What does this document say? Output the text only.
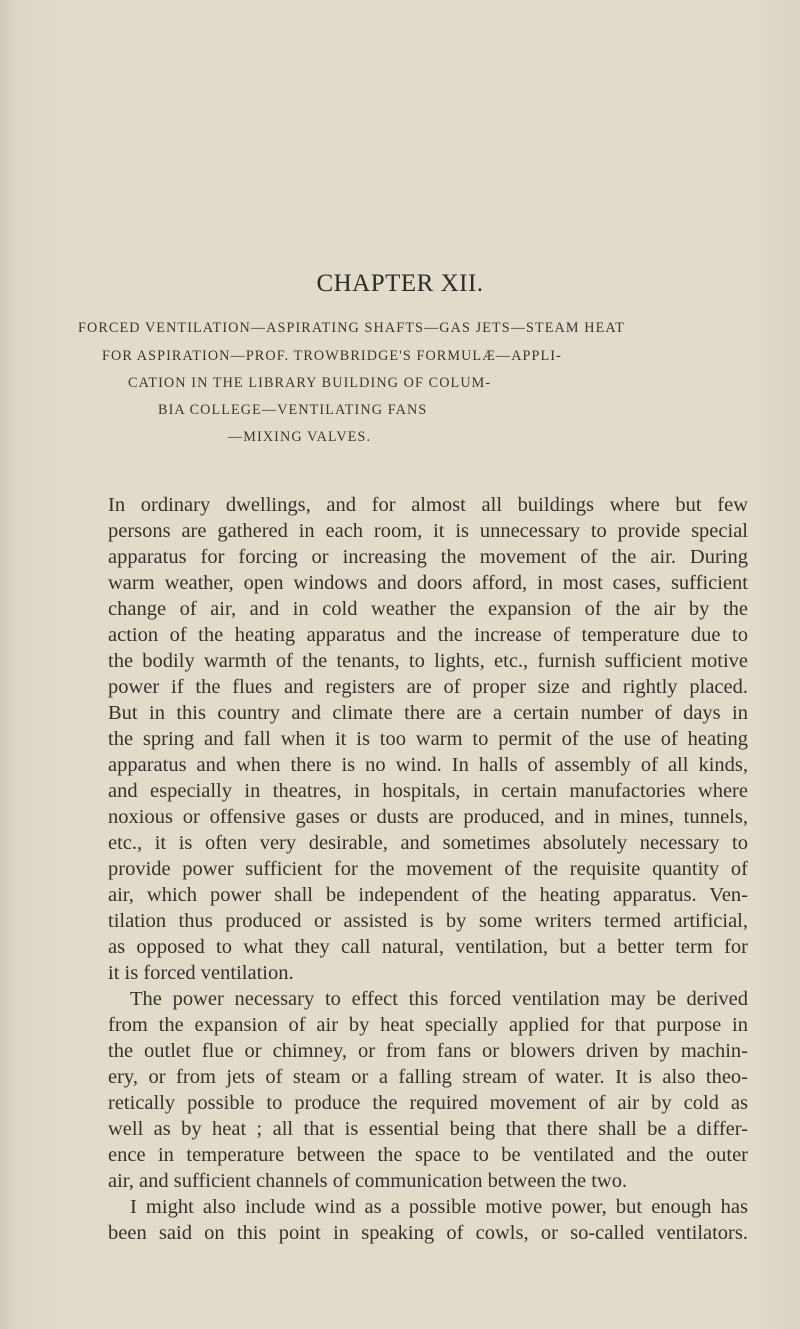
CHAPTER XII.
FORCED VENTILATION—ASPIRATING SHAFTS—GAS JETS—STEAM HEAT
FOR ASPIRATION—PROF. TROWBRIDGE'S FORMULÆ—APPLI-
CATION IN THE LIBRARY BUILDING OF COLUM-
BIA COLLEGE—VENTILATING FANS
—MIXING VALVES.
In ordinary dwellings, and for almost all buildings where but few
persons are gathered in each room, it is unnecessary to provide special
apparatus for forcing or increasing the movement of the air. During
warm weather, open windows and doors afford, in most cases, sufficient
change of air, and in cold weather the expansion of the air by the
action of the heating apparatus and the increase of temperature due to
the bodily warmth of the tenants, to lights, etc., furnish sufficient motive
power if the flues and registers are of proper size and rightly placed.
But in this country and climate there are a certain number of days in
the spring and fall when it is too warm to permit of the use of heating
apparatus and when there is no wind. In halls of assembly of all kinds,
and especially in theatres, in hospitals, in certain manufactories where
noxious or offensive gases or dusts are produced, and in mines, tunnels,
etc., it is often very desirable, and sometimes absolutely necessary to
provide power sufficient for the movement of the requisite quantity of
air, which power shall be independent of the heating apparatus. Ven-
tilation thus produced or assisted is by some writers termed artificial,
as opposed to what they call natural, ventilation, but a better term for
it is forced ventilation.
The power necessary to effect this forced ventilation may be derived
from the expansion of air by heat specially applied for that purpose in
the outlet flue or chimney, or from fans or blowers driven by machin-
ery, or from jets of steam or a falling stream of water. It is also theo-
retically possible to produce the required movement of air by cold as
well as by heat ; all that is essential being that there shall be a differ-
ence in temperature between the space to be ventilated and the outer
air, and sufficient channels of communication between the two.
I might also include wind as a possible motive power, but enough has
been said on this point in speaking of cowls, or so-called ventilators.
